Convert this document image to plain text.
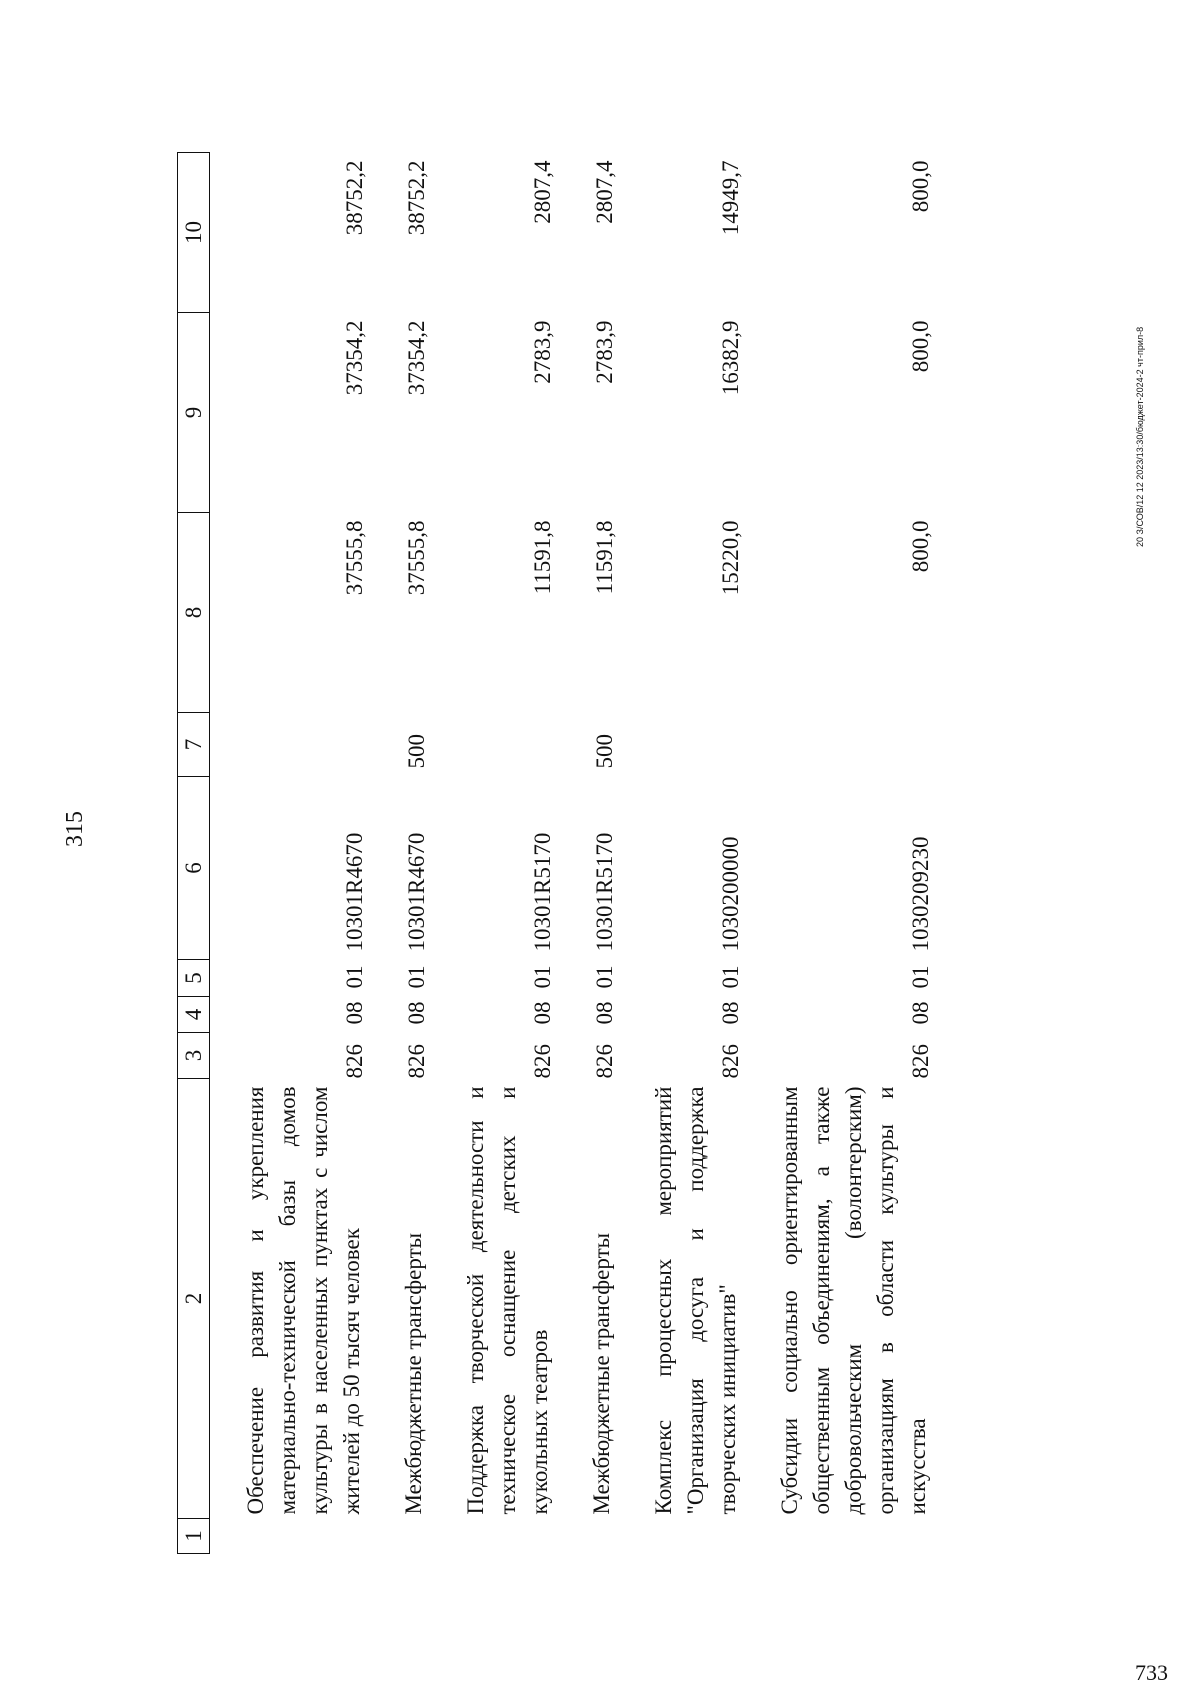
315
1	2	3	4	5	6	7	8	9	10
	Обеспечение развития и укрепления материально-технической базы домов культуры в населенных пунктах с числом жителей до 50 тысяч человек	826	08	01	10301R4670		37555,8	37354,2	38752,2
	Межбюджетные трансферты	826	08	01	10301R4670	500	37555,8	37354,2	38752,2
	Поддержка творческой деятельности и техническое оснащение детских и кукольных театров	826	08	01	10301R5170		11591,8	2783,9	2807,4
	Межбюджетные трансферты	826	08	01	10301R5170	500	11591,8	2783,9	2807,4
	Комплекс процессных мероприятий "Организация досуга и поддержка творческих инициатив"	826	08	01	1030200000		15220,0	16382,9	14949,7
	Субсидии социально ориентированным общественным объединениям, а также добровольческим (волонтерским) организациям в области культуры и искусства	826	08	01	1030209230		800,0	800,0	800,0
20 З/СОВ/12 12 2023/13:30/бюджет-2024-2 чт-прил-8
733
